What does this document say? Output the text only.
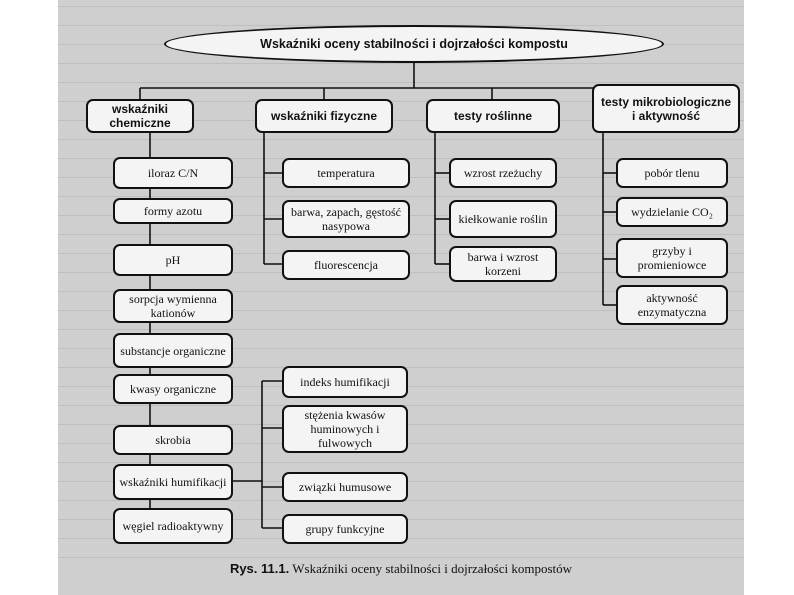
Wskaźniki oceny stabilności i dojrzałości kompostu
wskaźniki chemiczne	wskaźniki fizyczne	testy roślinne
testy mikrobiologiczne i aktywność
iloraz C/N
formy azotu
pH
sorpcja wymienna kationów
substancje organiczne
kwasy organiczne
skrobia
wskaźniki humifikacji
węgiel radioaktywny
indeks humifikacji
stężenia kwasów huminowych i fulwowych
związki humusowe
grupy funkcyjne
temperatura
barwa, zapach, gęstość nasypowa
fluorescencja
wzrost rzeżuchy
kiełkowanie roślin
barwa i wzrost korzeni
pobór tlenu
wydzielanie CO₂
grzyby i promieniowce
aktywność enzymatyczna
Rys. 11.1. Wskaźniki oceny stabilności i dojrzałości kompostów
